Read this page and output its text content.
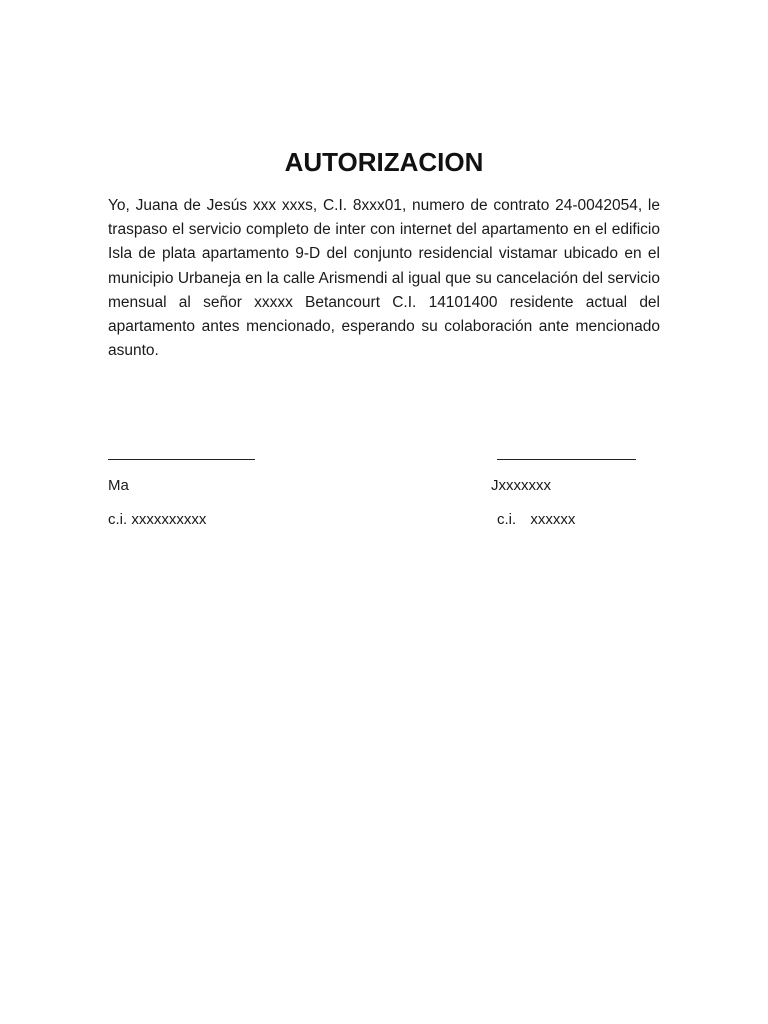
AUTORIZACION
Yo, Juana de Jesús xxx xxxs, C.I. 8xxx01, numero de contrato 24-0042054, le traspaso el servicio completo de inter con internet del apartamento en el edificio Isla de plata apartamento 9-D del conjunto residencial vistamar ubicado en el municipio Urbaneja en la calle Arismendi al igual que su cancelación del servicio mensual al señor xxxxx Betancourt C.I. 14101400 residente actual del apartamento antes mencionado, esperando su colaboración ante mencionado asunto.
Ma	Jxxxxxxx
c.i. xxxxxxxxxx	c.i. xxxxxx
